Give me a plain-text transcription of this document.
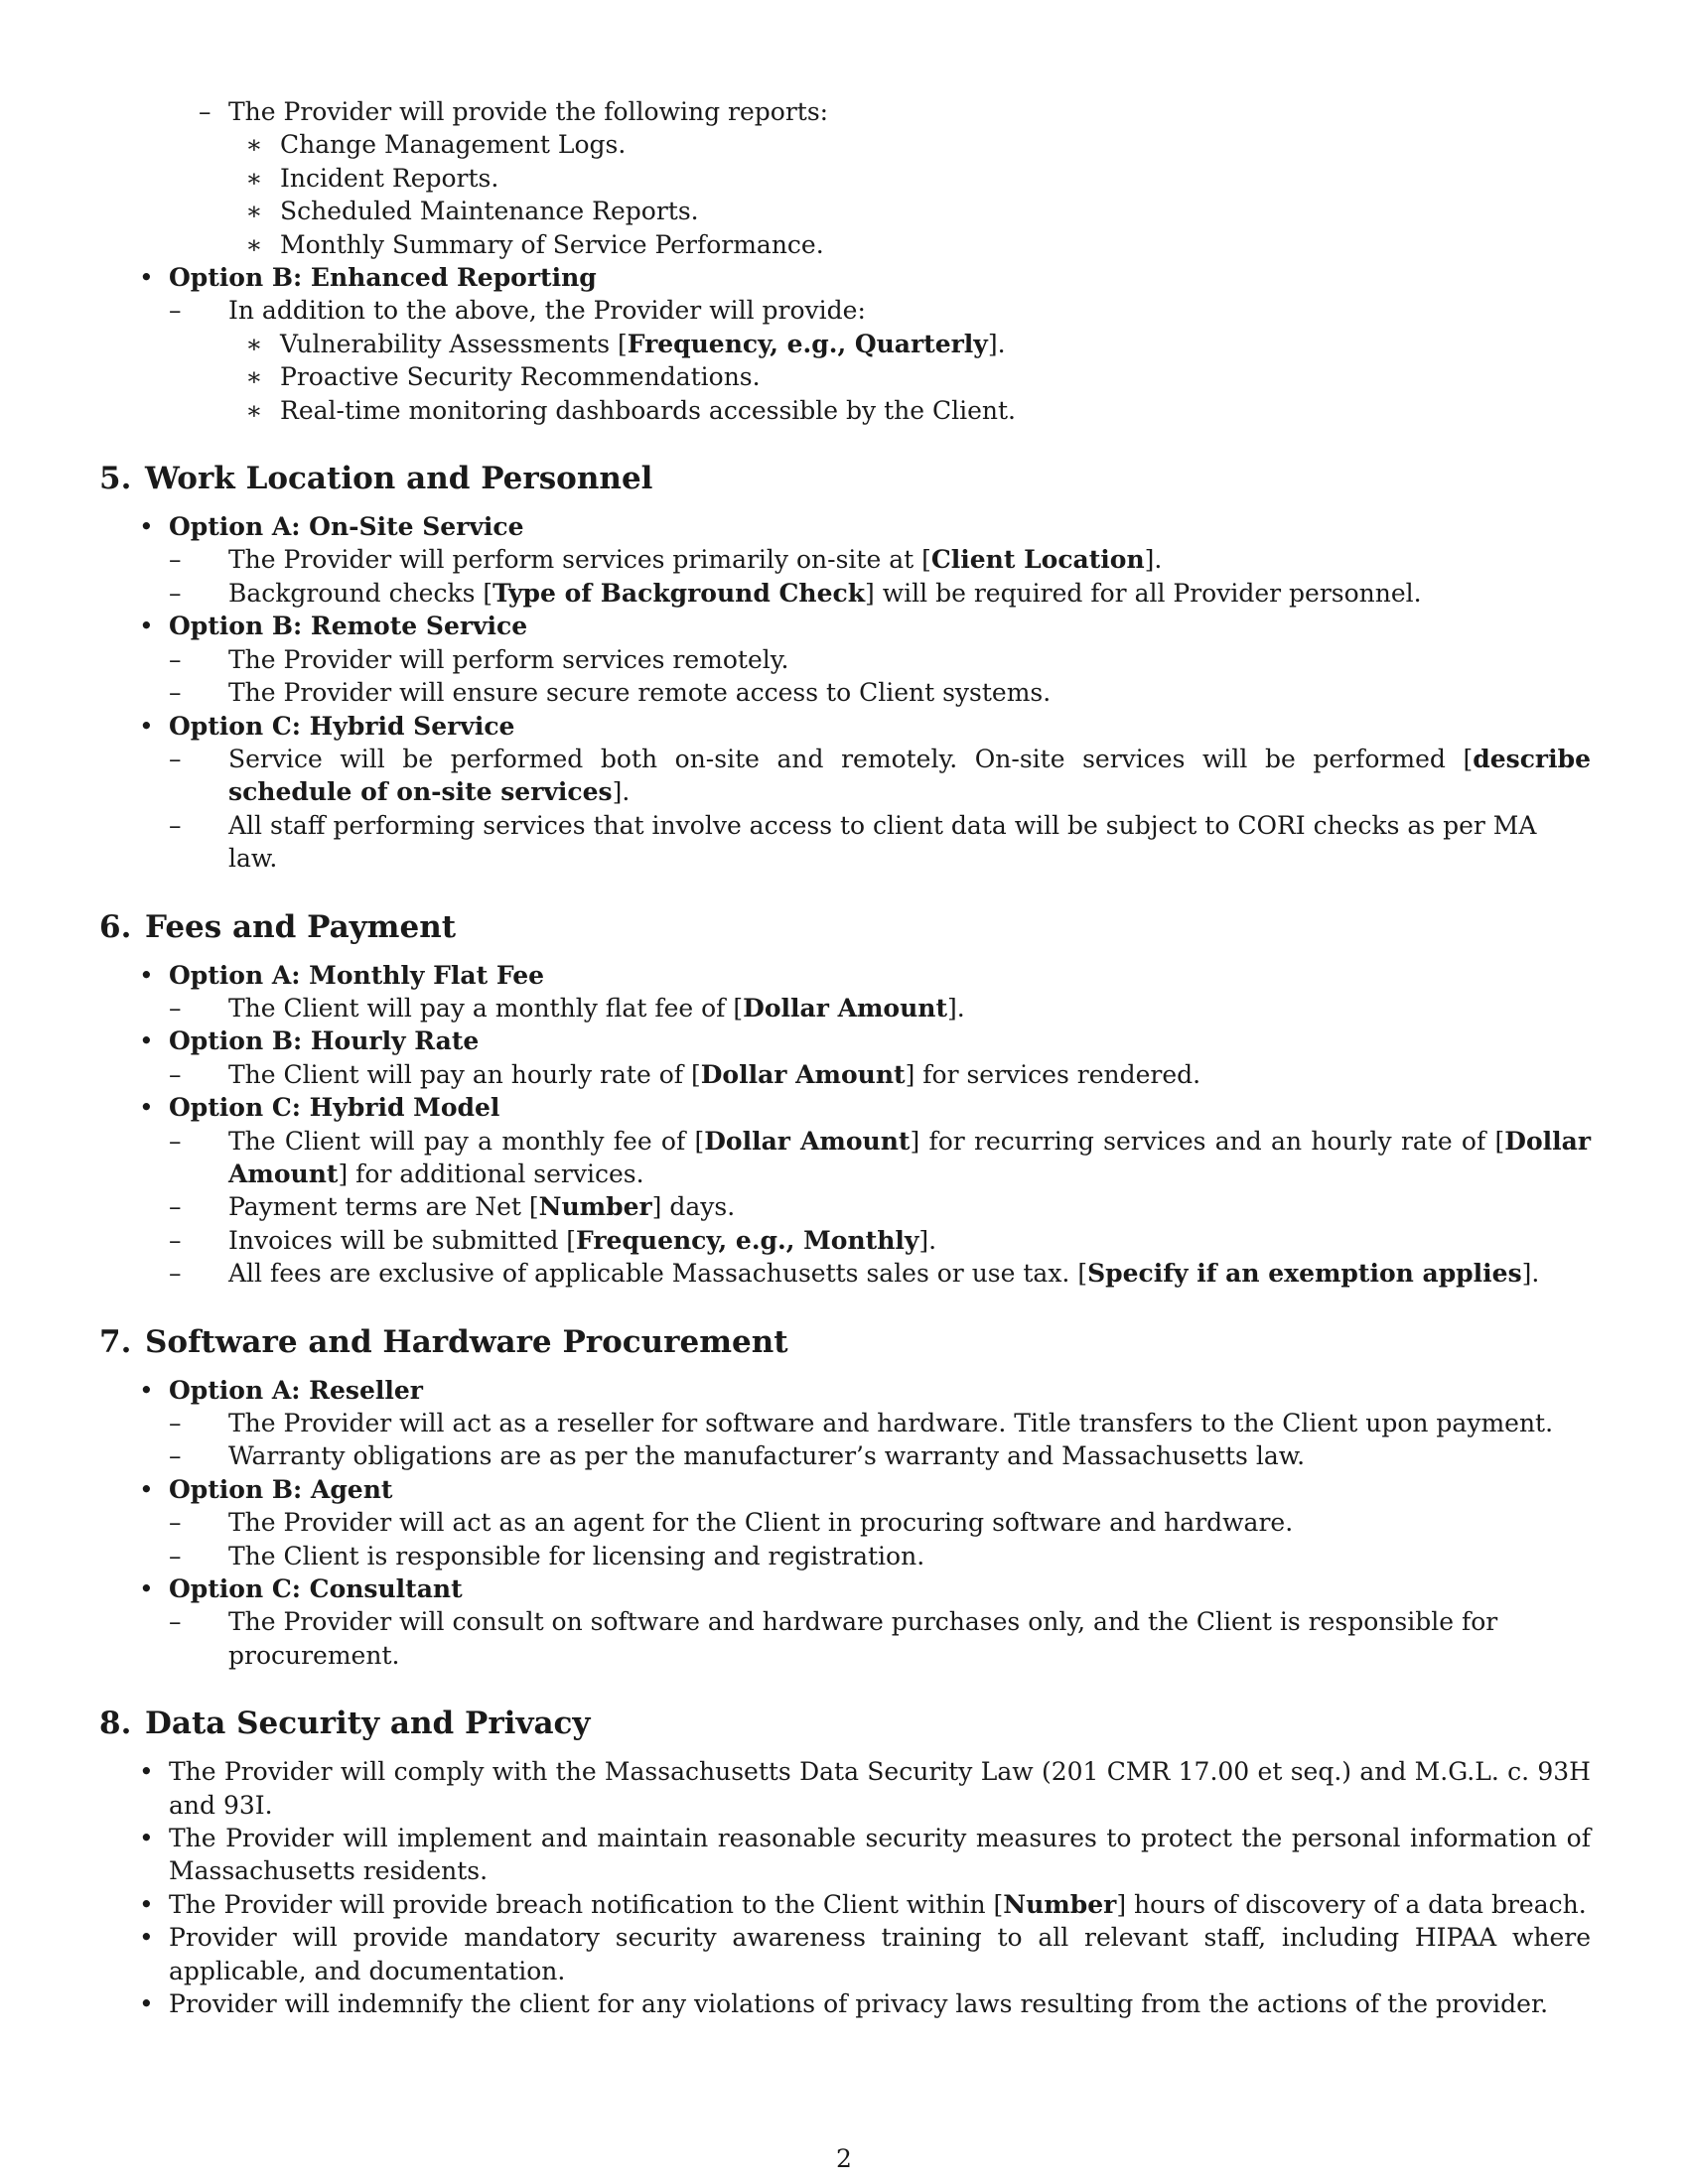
– The Provider will provide the following reports:
∗ Change Management Logs.
∗ Incident Reports.
∗ Scheduled Maintenance Reports.
∗ Monthly Summary of Service Performance.
• Option B: Enhanced Reporting
–	In addition to the above, the Provider will provide:
∗ Vulnerability Assessments [Frequency, e.g., Quarterly].
∗ Proactive Security Recommendations.
∗ Real-time monitoring dashboards accessible by the Client.
5. Work Location and Personnel
• Option A: On-Site Service
–	The Provider will perform services primarily on-site at [Client Location].
–	Background checks [Type of Background Check] will be required for all Provider personnel.
• Option B: Remote Service
–	The Provider will perform services remotely.
–	The Provider will ensure secure remote access to Client systems.
• Option C: Hybrid Service
–	Service will be performed both on-site and remotely. On-site services will be performed [describe schedule of on-site services].
–	All staff performing services that involve access to client data will be subject to CORI checks as per MA law.
6. Fees and Payment
• Option A: Monthly Flat Fee
–	The Client will pay a monthly flat fee of [Dollar Amount].
• Option B: Hourly Rate
–	The Client will pay an hourly rate of [Dollar Amount] for services rendered.
• Option C: Hybrid Model
–	The Client will pay a monthly fee of [Dollar Amount] for recurring services and an hourly rate of [Dollar Amount] for additional services.
–	Payment terms are Net [Number] days.
–	Invoices will be submitted [Frequency, e.g., Monthly].
–	All fees are exclusive of applicable Massachusetts sales or use tax. [Specify if an exemption applies].
7. Software and Hardware Procurement
• Option A: Reseller
–	The Provider will act as a reseller for software and hardware. Title transfers to the Client upon payment.
–	Warranty obligations are as per the manufacturer’s warranty and Massachusetts law.
• Option B: Agent
–	The Provider will act as an agent for the Client in procuring software and hardware.
–	The Client is responsible for licensing and registration.
• Option C: Consultant
–	The Provider will consult on software and hardware purchases only, and the Client is responsible for procurement.
8. Data Security and Privacy
• The Provider will comply with the Massachusetts Data Security Law (201 CMR 17.00 et seq.) and M.G.L. c. 93H and 93I.
• The Provider will implement and maintain reasonable security measures to protect the personal information of Massachusetts residents.
• The Provider will provide breach notification to the Client within [Number] hours of discovery of a data breach.
• Provider will provide mandatory security awareness training to all relevant staff, including HIPAA where applicable, and documentation.
• Provider will indemnify the client for any violations of privacy laws resulting from the actions of the provider.
2
